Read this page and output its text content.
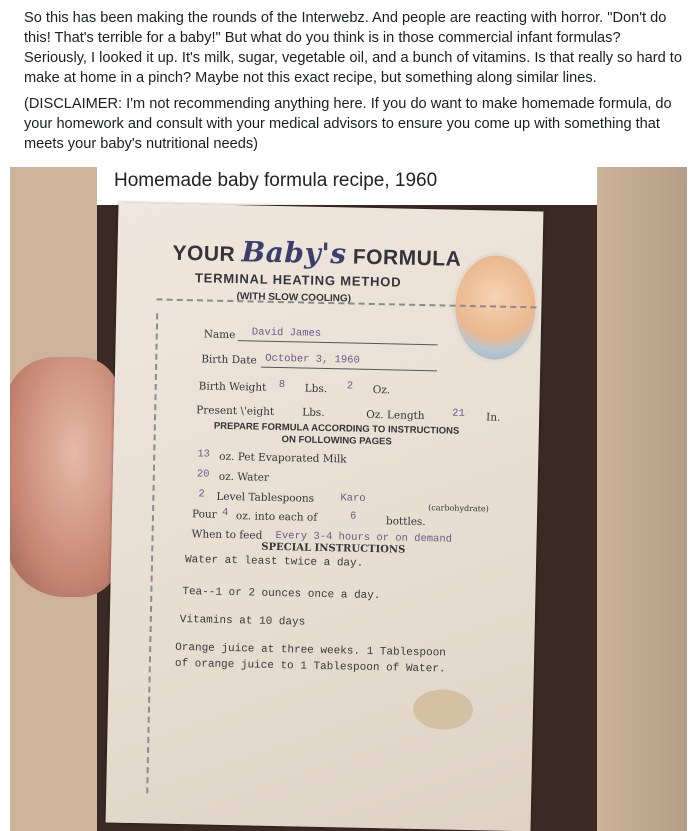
So this has been making the rounds of the Interwebz. And people are reacting with horror. "Don't do this! That's terrible for a baby!" But what do you think is in those commercial infant formulas? Seriously, I looked it up. It's milk, sugar, vegetable oil, and a bunch of vitamins. Is that really so hard to make at home in a pinch? Maybe not this exact recipe, but something along similar lines.

(DISCLAIMER: I'm not recommending anything here. If you do want to make homemade formula, do your homework and consult with your medical advisors to ensure you come up with something that meets your baby's nutritional needs)

Homemade baby formula recipe, 1960
YOUR Baby's FORMULA
TERMINAL HEATING METHOD
(WITH SLOW COOLING)
Name David James
Birth Date October 3, 1960
Birth Weight 8 Lbs. 2 Oz.
Present \'eight	Lbs.	Oz. Length	21 In.
PREPARE FORMULA ACCORDING TO INSTRUCTIONS
ON FOLLOWING PAGES
13 oz. Pet Evaporated Milk
20 oz. Water
2 Level Tablespoons Karo
(carbohydrate)
Pour 4 oz. into each of	6	bottles.
When to feed Every 3-4 hours or on demand
SPECIAL INSTRUCTIONS
Water at least twice a day.
Tea--1 or 2 ounces once a day.
Vitamins at 10 days
Orange juice at three weeks. 1 Tablespoon
of orange juice to 1 Tablespoon of Water.
